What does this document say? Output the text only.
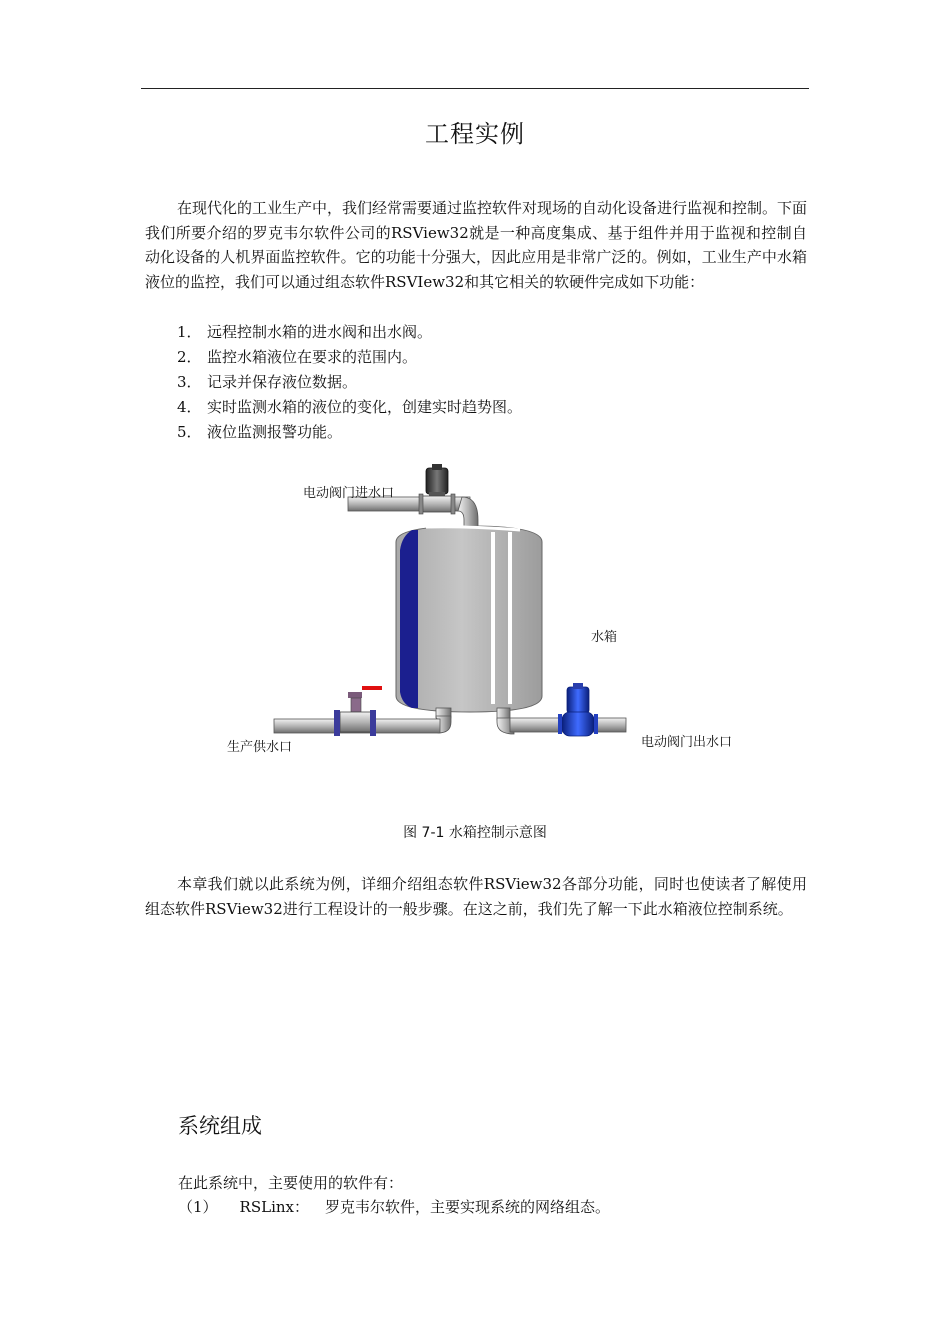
工程实例

在现代化的工业生产中，我们经常需要通过监控软件对现场的自动化设备进行监视和控制。下面我们所要介绍的罗克韦尔软件公司的RSView32就是一种高度集成、基于组件并用于监视和控制自动化设备的人机界面监控软件。它的功能十分强大，因此应用是非常广泛的。例如，工业生产中水箱液位的监控，我们可以通过组态软件RSVIew32和其它相关的软硬件完成如下功能：

1． 远程控制水箱的进水阀和出水阀。
2． 监控水箱液位在要求的范围内。
3． 记录并保存液位数据。
4． 实时监测水箱的液位的变化，创建实时趋势图。
5． 液位监测报警功能。
电动阀门进水口
水箱
生产供水口	电动阀门出水口
图 7-1 水箱控制示意图

本章我们就以此系统为例，详细介绍组态软件RSView32各部分功能，同时也使读者了解使用组态软件RSView32进行工程设计的一般步骤。在这之前，我们先了解一下此水箱液位控制系统。

系统组成

在此系统中，主要使用的软件有：

（1） RSLinx： 罗克韦尔软件，主要实现系统的网络组态。
